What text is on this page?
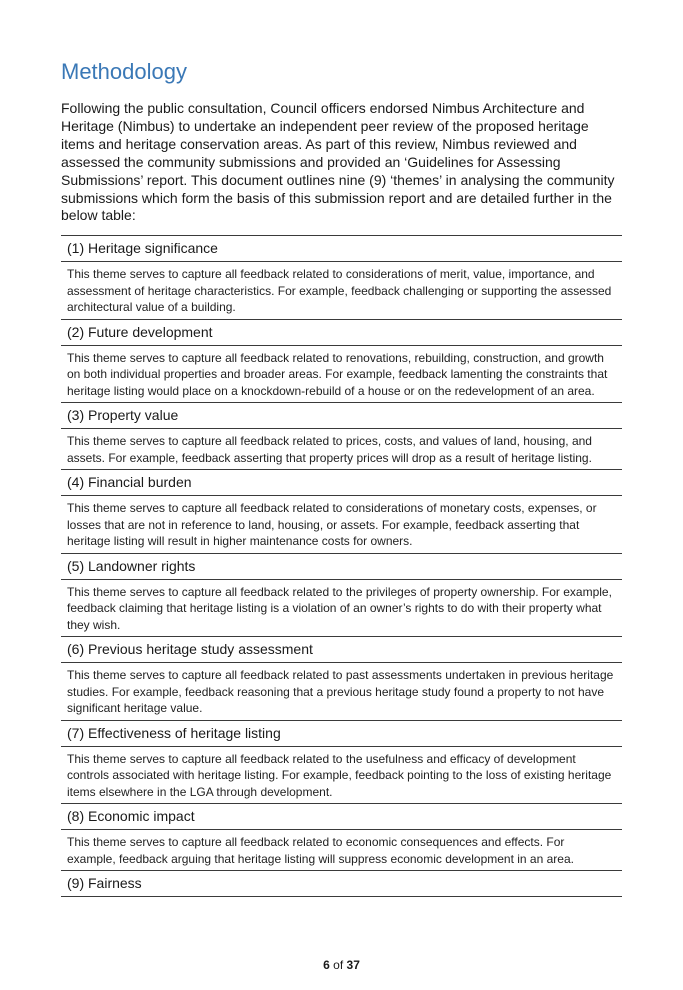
Methodology

Following the public consultation, Council officers endorsed Nimbus Architecture and Heritage (Nimbus) to undertake an independent peer review of the proposed heritage items and heritage conservation areas. As part of this review, Nimbus reviewed and assessed the community submissions and provided an ‘Guidelines for Assessing Submissions’ report. This document outlines nine (9) ‘themes’ in analysing the community submissions which form the basis of this submission report and are detailed further in the below table:

(1) Heritage significance
This theme serves to capture all feedback related to considerations of merit, value, importance, and assessment of heritage characteristics. For example, feedback challenging or supporting the assessed architectural value of a building.
(2) Future development
This theme serves to capture all feedback related to renovations, rebuilding, construction, and growth on both individual properties and broader areas. For example, feedback lamenting the constraints that heritage listing would place on a knockdown-rebuild of a house or on the redevelopment of an area.
(3) Property value
This theme serves to capture all feedback related to prices, costs, and values of land, housing, and assets. For example, feedback asserting that property prices will drop as a result of heritage listing.
(4) Financial burden
This theme serves to capture all feedback related to considerations of monetary costs, expenses, or losses that are not in reference to land, housing, or assets. For example, feedback asserting that heritage listing will result in higher maintenance costs for owners.
(5) Landowner rights
This theme serves to capture all feedback related to the privileges of property ownership. For example, feedback claiming that heritage listing is a violation of an owner’s rights to do with their property what they wish.
(6) Previous heritage study assessment
This theme serves to capture all feedback related to past assessments undertaken in previous heritage studies. For example, feedback reasoning that a previous heritage study found a property to not have significant heritage value.
(7) Effectiveness of heritage listing
This theme serves to capture all feedback related to the usefulness and efficacy of development controls associated with heritage listing. For example, feedback pointing to the loss of existing heritage items elsewhere in the LGA through development.
(8) Economic impact
This theme serves to capture all feedback related to economic consequences and effects. For example, feedback arguing that heritage listing will suppress economic development in an area.
(9) Fairness
6 of 37
